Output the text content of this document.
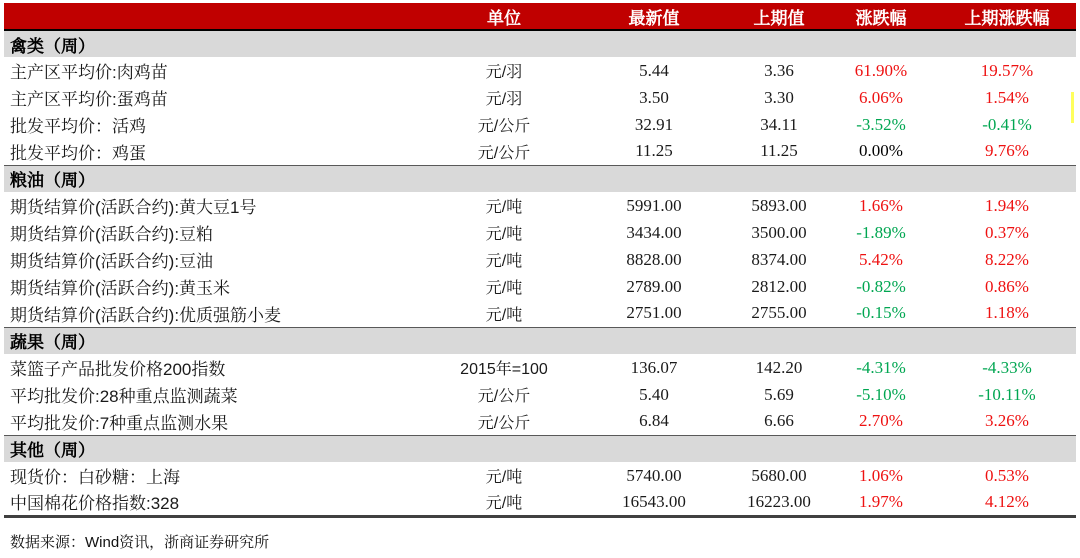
	单位	最新值	上期值	涨跌幅	上期涨跌幅
禽类（周）					
主产区平均价:肉鸡苗	元/羽	5.44	3.36	61.90%	19.57%
主产区平均价:蛋鸡苗	元/羽	3.50	3.30	6.06%	1.54%
批发平均价：活鸡	元/公斤	32.91	34.11	-3.52%	-0.41%
批发平均价：鸡蛋	元/公斤	11.25	11.25	0.00%	9.76%
粮油（周）					
期货结算价(活跃合约):黄大豆1号	元/吨	5991.00	5893.00	1.66%	1.94%
期货结算价(活跃合约):豆粕	元/吨	3434.00	3500.00	-1.89%	0.37%
期货结算价(活跃合约):豆油	元/吨	8828.00	8374.00	5.42%	8.22%
期货结算价(活跃合约):黄玉米	元/吨	2789.00	2812.00	-0.82%	0.86%
期货结算价(活跃合约):优质强筋小麦	元/吨	2751.00	2755.00	-0.15%	1.18%
蔬果（周）					
菜篮子产品批发价格200指数	2015年=100	136.07	142.20	-4.31%	-4.33%
平均批发价:28种重点监测蔬菜	元/公斤	5.40	5.69	-5.10%	-10.11%
平均批发价:7种重点监测水果	元/公斤	6.84	6.66	2.70%	3.26%
其他（周）					
现货价：白砂糖：上海	元/吨	5740.00	5680.00	1.06%	0.53%
中国棉花价格指数:328	元/吨	16543.00	16223.00	1.97%	4.12%
数据来源：Wind资讯，浙商证券研究所
